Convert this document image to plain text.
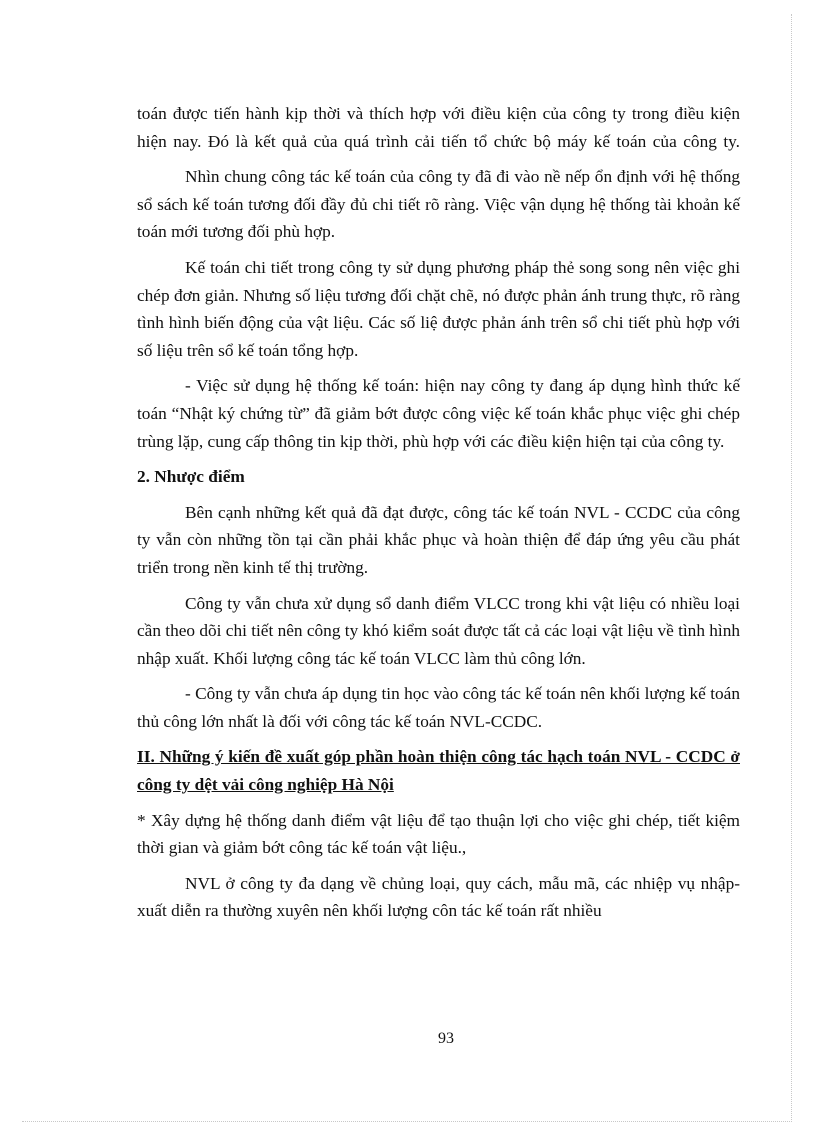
toán được tiến hành kịp thời và thích hợp với điều kiện của công ty trong điều kiện hiện nay. Đó là kết quả của quá trình cải tiến tổ chức bộ máy kế toán của công ty.

Nhìn chung công tác kế toán của công ty đã đi vào nề nếp ổn định với hệ thống sổ sách kế toán tương đối đầy đủ chi tiết rõ ràng. Việc vận dụng hệ thống tài khoản kế toán mới tương đối phù hợp.

Kế toán chi tiết trong công ty sử dụng phương pháp thẻ song song nên việc ghi chép đơn giản. Nhưng số liệu tương đối chặt chẽ, nó được phản ánh trung thực, rõ ràng tình hình biến động của vật liệu. Các số liệ được phản ánh trên sổ chi tiết phù hợp với số liệu trên sổ kế toán tổng hợp.

- Việc sử dụng hệ thống kế toán: hiện nay công ty đang áp dụng hình thức kế toán “Nhật ký chứng từ” đã giảm bớt được công việc kế toán khắc phục việc ghi chép trùng lặp, cung cấp thông tin kịp thời, phù hợp với các điều kiện hiện tại của công ty.

2. Nhược điểm

Bên cạnh những kết quả đã đạt được, công tác kế toán NVL - CCDC của công ty vẫn còn những tồn tại cần phải khắc phục và hoàn thiện để đáp ứng yêu cầu phát triển trong nền kinh tế thị trường.

Công ty vẫn chưa xử dụng sổ danh điểm VLCC trong khi vật liệu có nhiều loại cần theo dõi chi tiết nên công ty khó kiểm soát được tất cả các loại vật liệu về tình hình nhập xuất. Khối lượng công tác kế toán VLCC làm thủ công lớn.

- Công ty vẫn chưa áp dụng tin học vào công tác kế toán nên khối lượng kế toán thủ công lớn nhất là đối với công tác kế toán NVL-CCDC.

II. Những ý kiến đề xuất góp phần hoàn thiện công tác hạch toán NVL - CCDC ở công ty dệt vải công nghiệp Hà Nội

* Xây dựng hệ thống danh điểm vật liệu để tạo thuận lợi cho việc ghi chép, tiết kiệm thời gian và giảm bớt công tác kế toán vật liệu.,

NVL ở công ty đa dạng về chủng loại, quy cách, mẫu mã, các nhiệp vụ nhập- xuất diễn ra thường xuyên nên khối lượng côn tác kế toán rất nhiều

93
